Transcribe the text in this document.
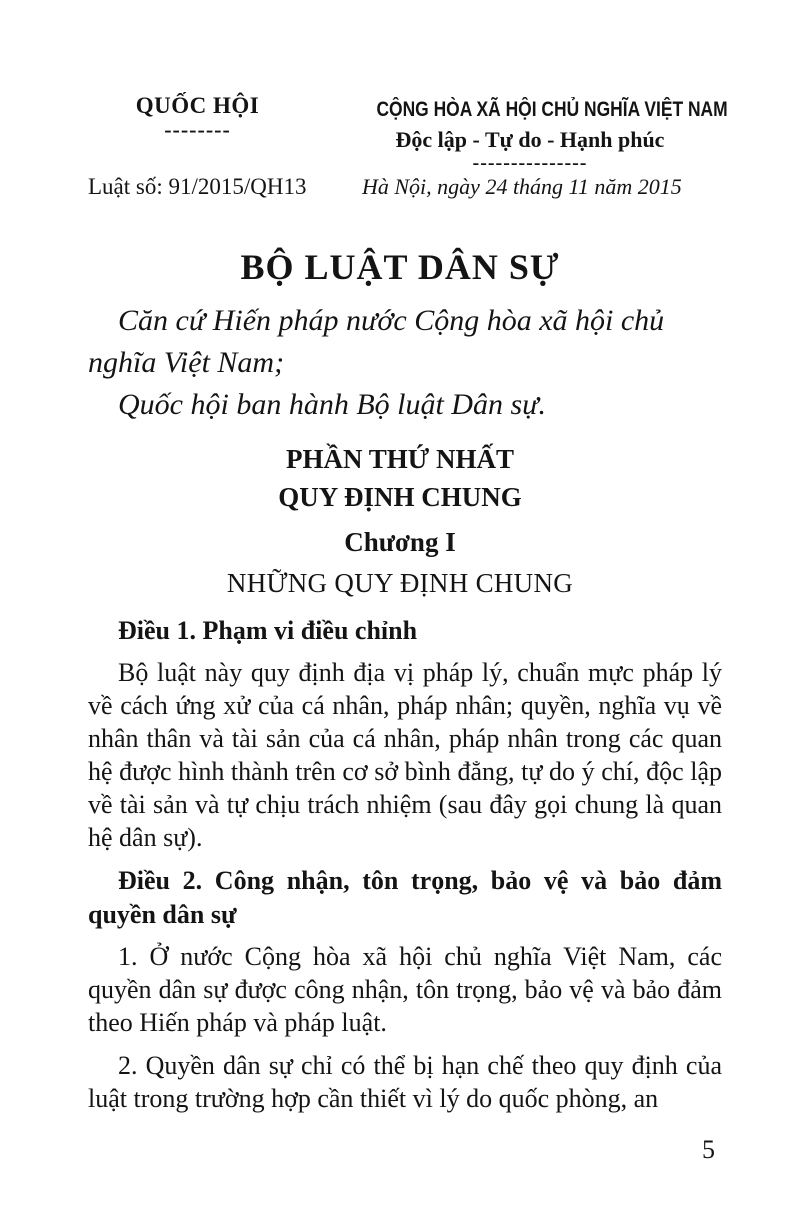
QUỐC HỘI
--------
CỘNG HÒA XÃ HỘI CHỦ NGHĨA VIỆT NAM
Độc lập - Tự do - Hạnh phúc
---------------
Luật số: 91/2015/QH13	Hà Nội, ngày 24 tháng 11 năm 2015
BỘ LUẬT DÂN SỰ

Căn cứ Hiến pháp nước Cộng hòa xã hội chủ

nghĩa Việt Nam;

Quốc hội ban hành Bộ luật Dân sự.

PHẦN THỨ NHẤT
QUY ĐỊNH CHUNG
Chương I
NHỮNG QUY ĐỊNH CHUNG
Điều 1. Phạm vi điều chỉnh
Bộ luật này quy định địa vị pháp lý, chuẩn mực pháp lý về cách ứng xử của cá nhân, pháp nhân; quyền, nghĩa vụ về nhân thân và tài sản của cá nhân, pháp nhân trong các quan hệ được hình thành trên cơ sở bình đẳng, tự do ý chí, độc lập về tài sản và tự chịu trách nhiệm (sau đây gọi chung là quan hệ dân sự).
Điều 2. Công nhận, tôn trọng, bảo vệ và bảo đảm quyền dân sự
1. Ở nước Cộng hòa xã hội chủ nghĩa Việt Nam, các quyền dân sự được công nhận, tôn trọng, bảo vệ và bảo đảm theo Hiến pháp và pháp luật.
2. Quyền dân sự chỉ có thể bị hạn chế theo quy định của luật trong trường hợp cần thiết vì lý do quốc phòng, an
5
